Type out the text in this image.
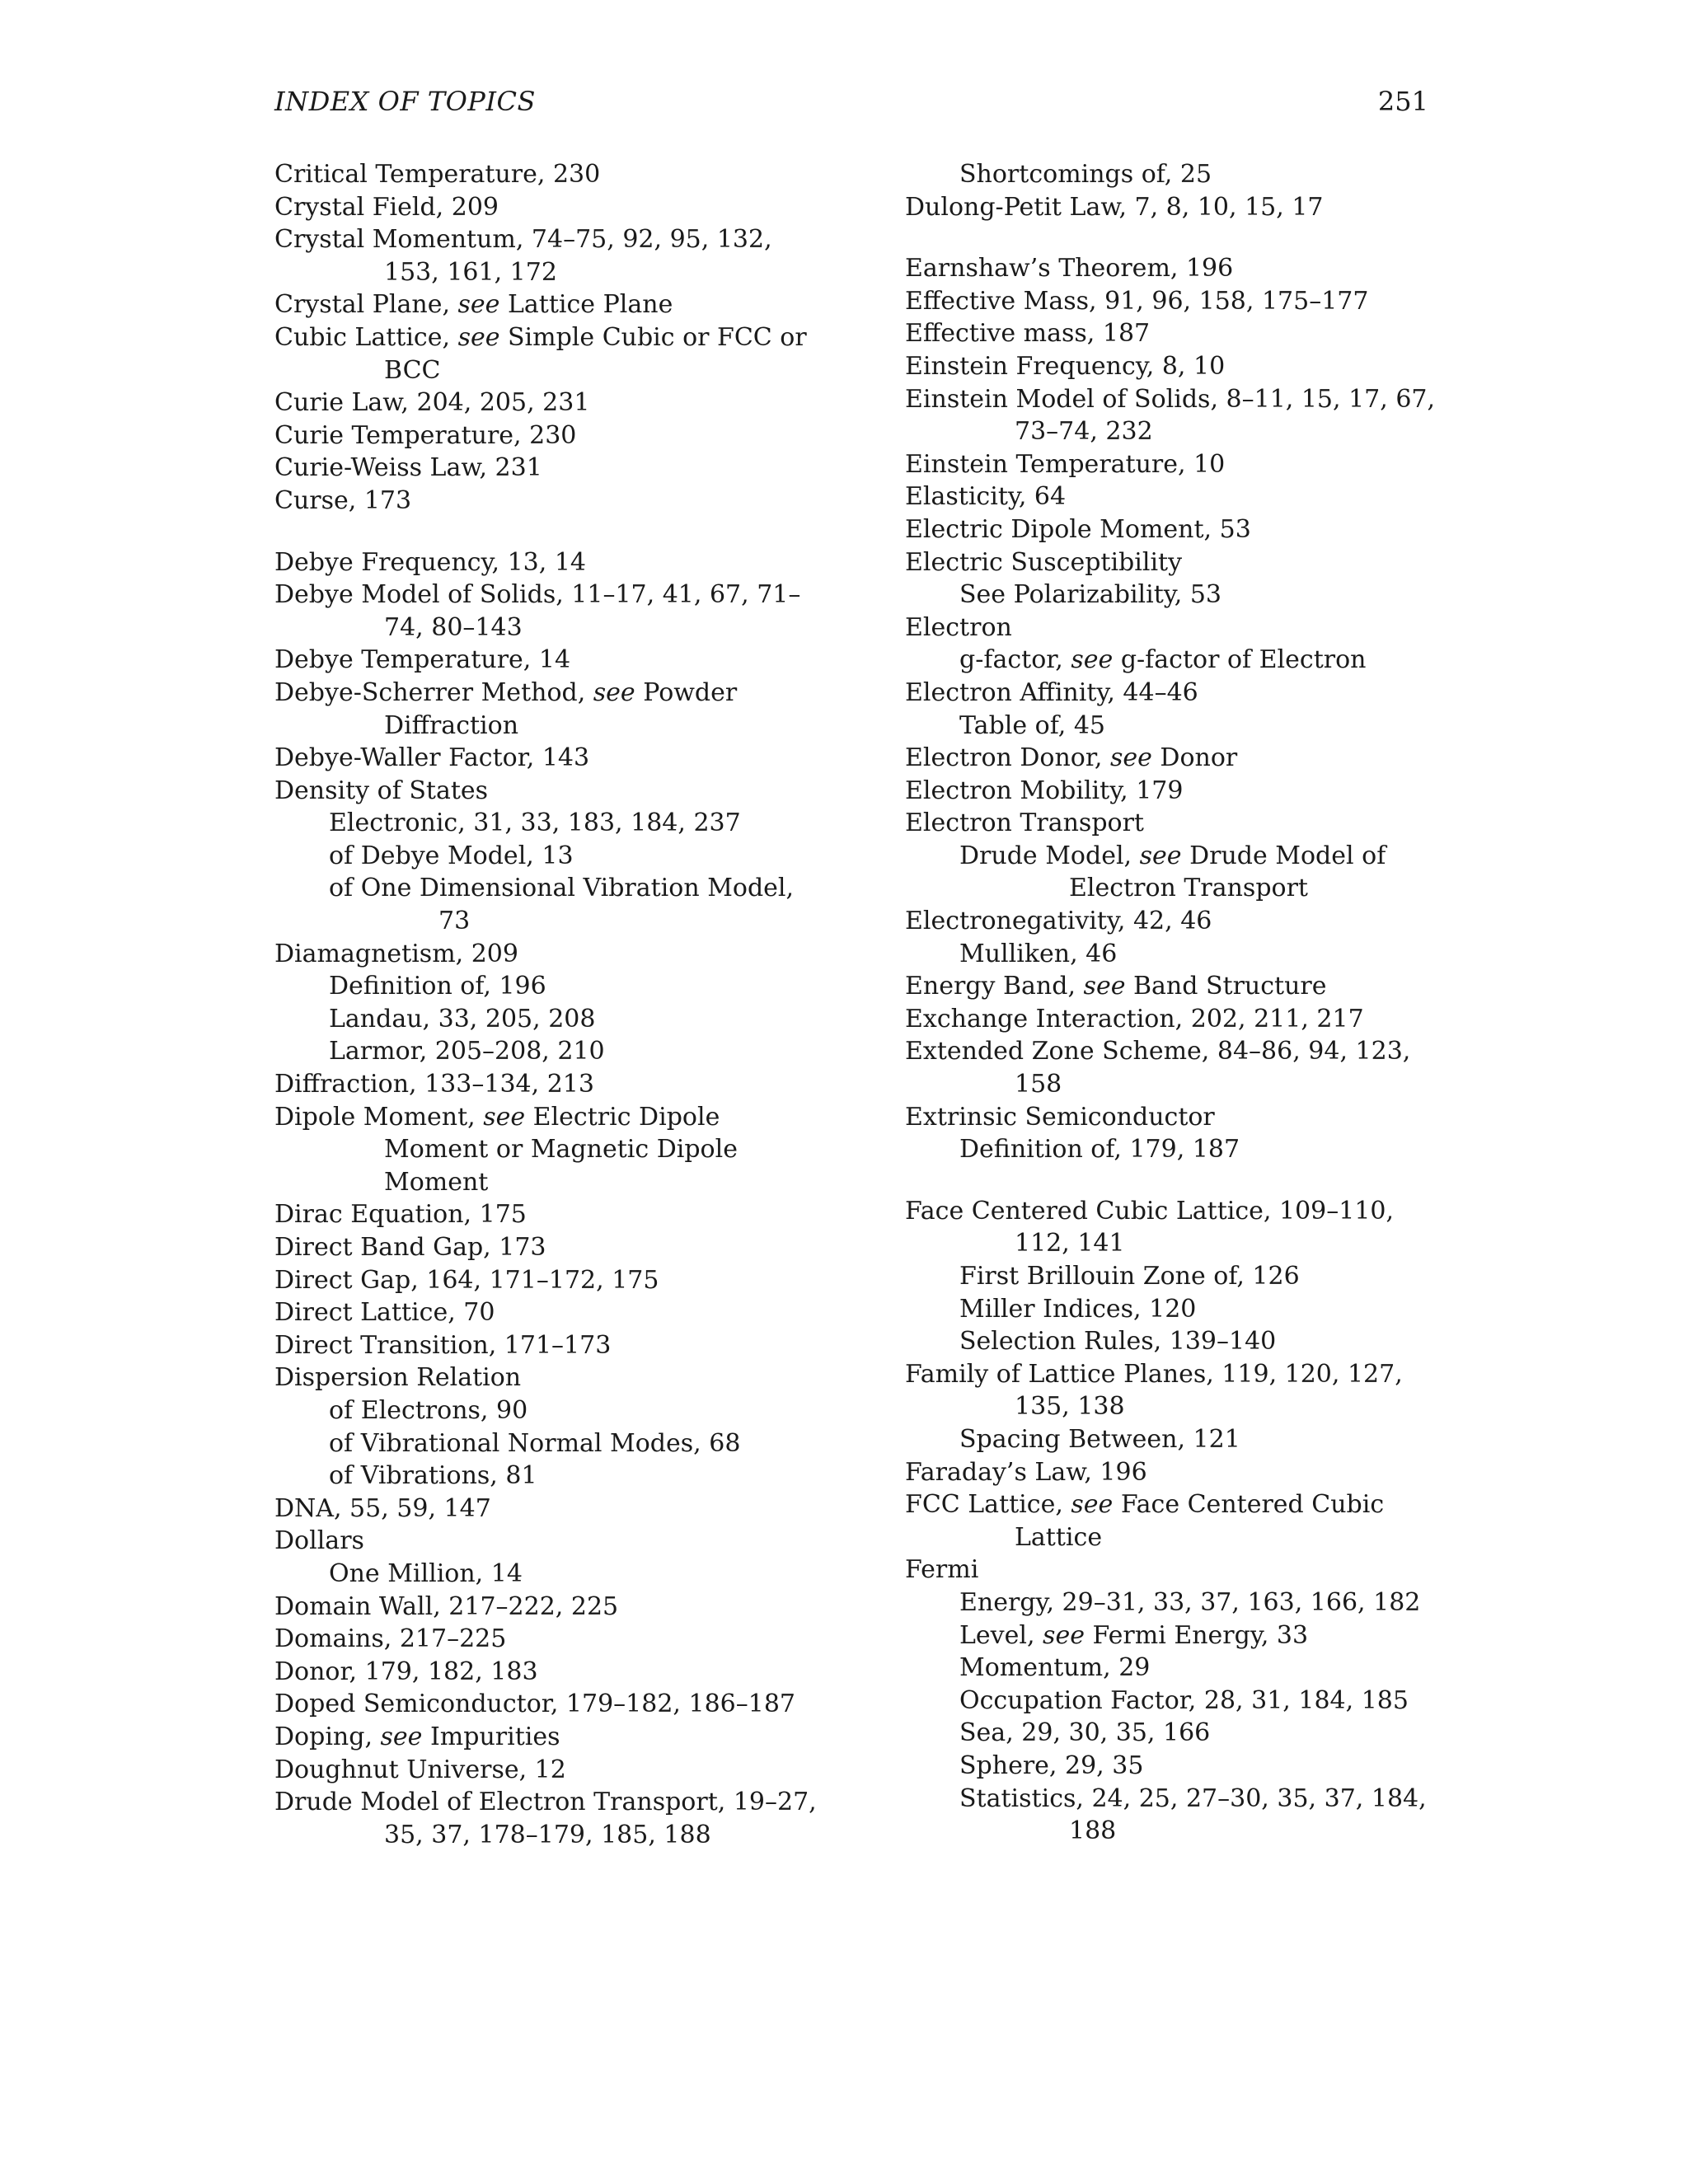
INDEX OF TOPICS	251
Critical Temperature, 230
Crystal Field, 209
Crystal Momentum, 74–75, 92, 95, 132, 153, 161, 172
Crystal Plane, see Lattice Plane
Cubic Lattice, see Simple Cubic or FCC or BCC
Curie Law, 204, 205, 231
Curie Temperature, 230
Curie-Weiss Law, 231
Curse, 173
Debye Frequency, 13, 14
Debye Model of Solids, 11–17, 41, 67, 71–74, 80–143
Debye Temperature, 14
Debye-Scherrer Method, see Powder Diffraction
Debye-Waller Factor, 143
Density of States
Electronic, 31, 33, 183, 184, 237
of Debye Model, 13
of One Dimensional Vibration Model, 73
Diamagnetism, 209
Definition of, 196
Landau, 33, 205, 208
Larmor, 205–208, 210
Diffraction, 133–134, 213
Dipole Moment, see Electric Dipole Moment or Magnetic Dipole Moment
Dirac Equation, 175
Direct Band Gap, 173
Direct Gap, 164, 171–172, 175
Direct Lattice, 70
Direct Transition, 171–173
Dispersion Relation
of Electrons, 90
of Vibrational Normal Modes, 68
of Vibrations, 81
DNA, 55, 59, 147
Dollars
One Million, 14
Domain Wall, 217–222, 225
Domains, 217–225
Donor, 179, 182, 183
Doped Semiconductor, 179–182, 186–187
Doping, see Impurities
Doughnut Universe, 12
Drude Model of Electron Transport, 19–27, 35, 37, 178–179, 185, 188
Shortcomings of, 25
Dulong-Petit Law, 7, 8, 10, 15, 17
Earnshaw’s Theorem, 196
Effective Mass, 91, 96, 158, 175–177
Effective mass, 187
Einstein Frequency, 8, 10
Einstein Model of Solids, 8–11, 15, 17, 67, 73–74, 232
Einstein Temperature, 10
Elasticity, 64
Electric Dipole Moment, 53
Electric Susceptibility
See Polarizability, 53
Electron
g-factor, see g-factor of Electron
Electron Affinity, 44–46
Table of, 45
Electron Donor, see Donor
Electron Mobility, 179
Electron Transport
Drude Model, see Drude Model of Electron Transport
Electronegativity, 42, 46
Mulliken, 46
Energy Band, see Band Structure
Exchange Interaction, 202, 211, 217
Extended Zone Scheme, 84–86, 94, 123, 158
Extrinsic Semiconductor
Definition of, 179, 187
Face Centered Cubic Lattice, 109–110, 112, 141
First Brillouin Zone of, 126
Miller Indices, 120
Selection Rules, 139–140
Family of Lattice Planes, 119, 120, 127, 135, 138
Spacing Between, 121
Faraday’s Law, 196
FCC Lattice, see Face Centered Cubic Lattice
Fermi
Energy, 29–31, 33, 37, 163, 166, 182
Level, see Fermi Energy, 33
Momentum, 29
Occupation Factor, 28, 31, 184, 185
Sea, 29, 30, 35, 166
Sphere, 29, 35
Statistics, 24, 25, 27–30, 35, 37, 184, 188
